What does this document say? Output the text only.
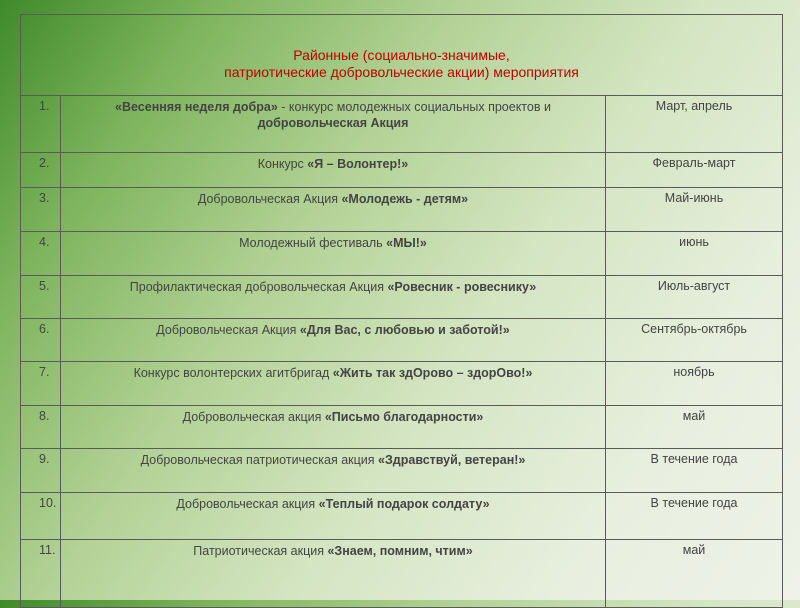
Районные (социально-значимые,
патриотические добровольческие акции) мероприятия		

1.	«Весенняя неделя добра» - конкурс молодежных социальных проектов и добровольческая Акция	Март, апрель
2.	Конкурс «Я – Волонтер!»	Февраль-март
3.	Добровольческая Акция «Молодежь - детям»	Май-июнь
4.	Молодежный фестиваль «МЫ!»	июнь
5.	Профилактическая добровольческая Акция «Ровесник - ровеснику»	Июль-август
6.	Добровольческая Акция «Для Вас, с любовью и заботой!»	Сентябрь-октябрь
7.	Конкурс волонтерских агитбригад «Жить так здОрово – здорОво!»	ноябрь
8.	Добровольческая акция «Письмо благодарности»	май
9.	Добровольческая патриотическая акция «Здравствуй, ветеран!»	В течение года
10.	Добровольческая акция «Теплый подарок солдату»	В течение года
11.	Патриотическая акция «Знаем, помним, чтим»	май
